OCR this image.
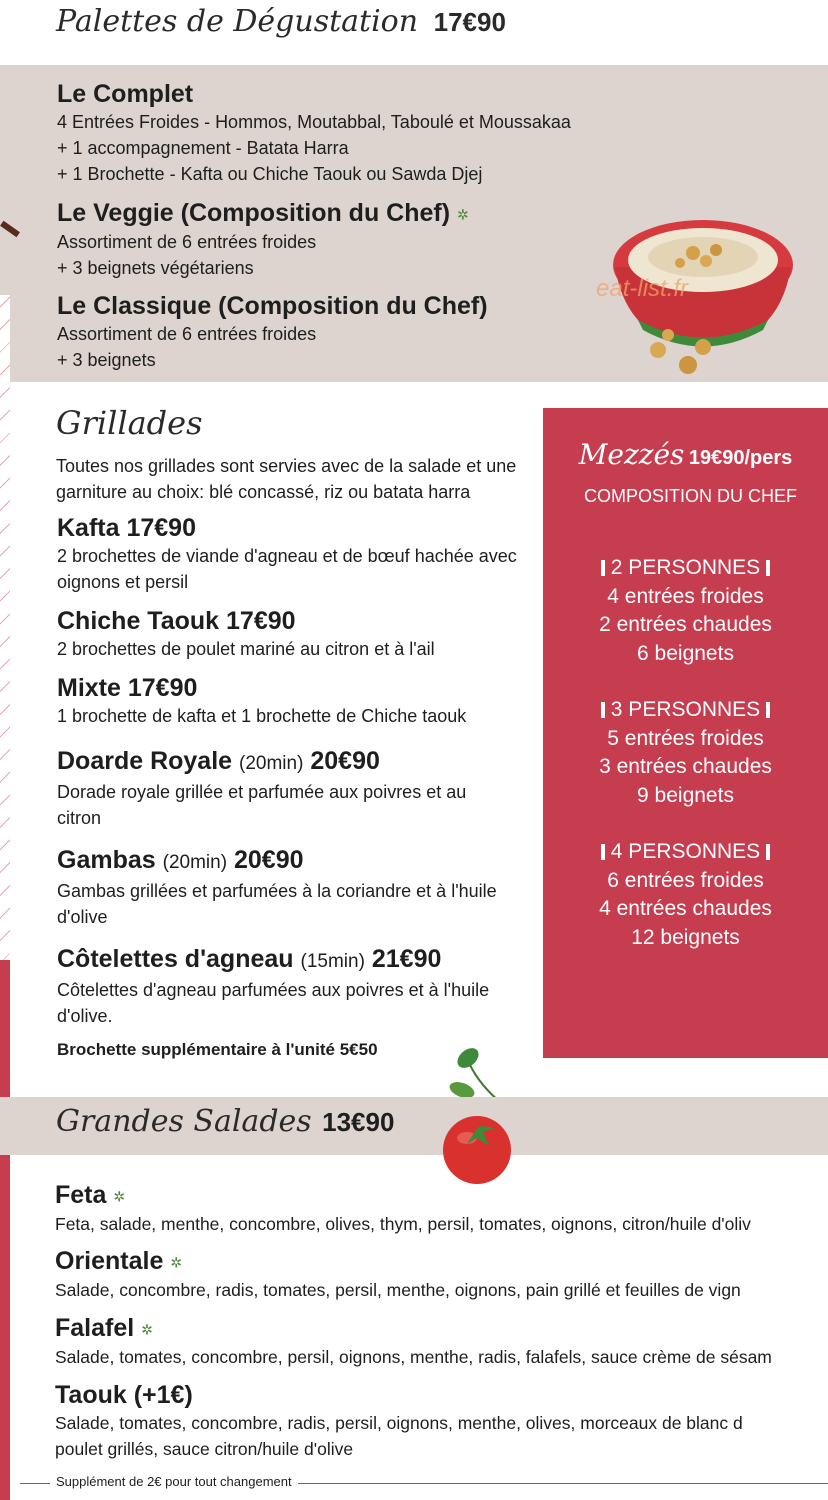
Palettes de Dégustation 17€90
Le Complet
4 Entrées Froides - Hommos, Moutabbal, Taboulé et Moussakaa
+ 1 accompagnement - Batata Harra
+ 1 Brochette - Kafta ou Chiche Taouk ou Sawda Djej
Le Veggie (Composition du Chef) ✲
Assortiment de 6 entrées froides
+ 3 beignets végétariens
Le Classique (Composition du Chef)
Assortiment de 6 entrées froides
+ 3 beignets
eat-list.fr
Grillades
Toutes nos grillades sont servies avec de la salade et une garniture au choix: blé concassé, riz ou batata harra
Kafta 17€90
2 brochettes de viande d'agneau et de bœuf hachée avec oignons et persil
Chiche Taouk 17€90
2 brochettes de poulet mariné au citron et à l'ail
Mixte 17€90
1 brochette de kafta et 1 brochette de Chiche taouk
Doarde Royale (20min) 20€90
Dorade royale grillée et parfumée aux poivres et au citron
Gambas (20min) 20€90
Gambas grillées et parfumées à la coriandre et à l'huile d'olive
Côtelettes d'agneau (15min) 21€90
Côtelettes d'agneau parfumées aux poivres et à l'huile d'olive.
Brochette supplémentaire à l'unité 5€50
Mezzés 19€90/pers
COMPOSITION DU CHEF
2 PERSONNES
4 entrées froides
2 entrées chaudes
6 beignets
3 PERSONNES
5 entrées froides
3 entrées chaudes
9 beignets
4 PERSONNES
6 entrées froides
4 entrées chaudes
12 beignets
Grandes Salades 13€90
Feta ✲
Feta, salade, menthe, concombre, olives, thym, persil, tomates, oignons, citron/huile d'oliv
Orientale ✲
Salade, concombre, radis, tomates, persil, menthe, oignons, pain grillé et feuilles de vign
Falafel ✲
Salade, tomates, concombre, persil, oignons, menthe, radis, falafels, sauce crème de sésam
Taouk (+1€)
Salade, tomates, concombre, radis, persil, oignons, menthe, olives, morceaux de blanc d
poulet grillés, sauce citron/huile d'olive
Supplément de 2€ pour tout changement
